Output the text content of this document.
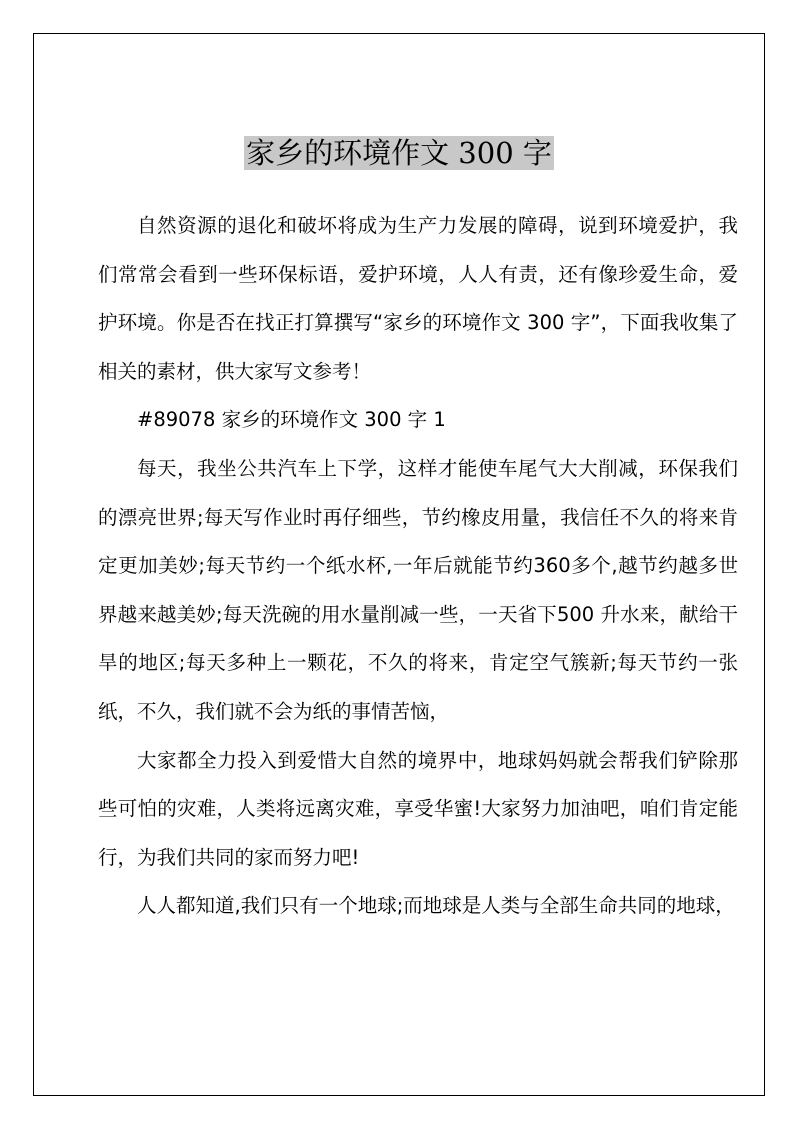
家乡的环境作文 300 字

自然资源的退化和破坏将成为生产力发展的障碍，说到环境爱护，我们常常会看到一些环保标语，爱护环境，人人有责，还有像珍爱生命，爱护环境。你是否在找正打算撰写“家乡的环境作文 300 字”，下面我收集了相关的素材，供大家写文参考！

#89078 家乡的环境作文 300 字 1

每天，我坐公共汽车上下学，这样才能使车尾气大大削减，环保我们的漂亮世界;每天写作业时再仔细些，节约橡皮用量，我信任不久的将来肯定更加美妙;每天节约一个纸水杯,一年后就能节约360多个,越节约越多世界越来越美妙;每天洗碗的用水量削减一些，一天省下500 升水来，献给干旱的地区;每天多种上一颗花，不久的将来，肯定空气簇新;每天节约一张纸，不久，我们就不会为纸的事情苦恼，

大家都全力投入到爱惜大自然的境界中，地球妈妈就会帮我们铲除那些可怕的灾难，人类将远离灾难，享受华蜜!大家努力加油吧，咱们肯定能行，为我们共同的家而努力吧!

人人都知道,我们只有一个地球;而地球是人类与全部生命共同的地球，
